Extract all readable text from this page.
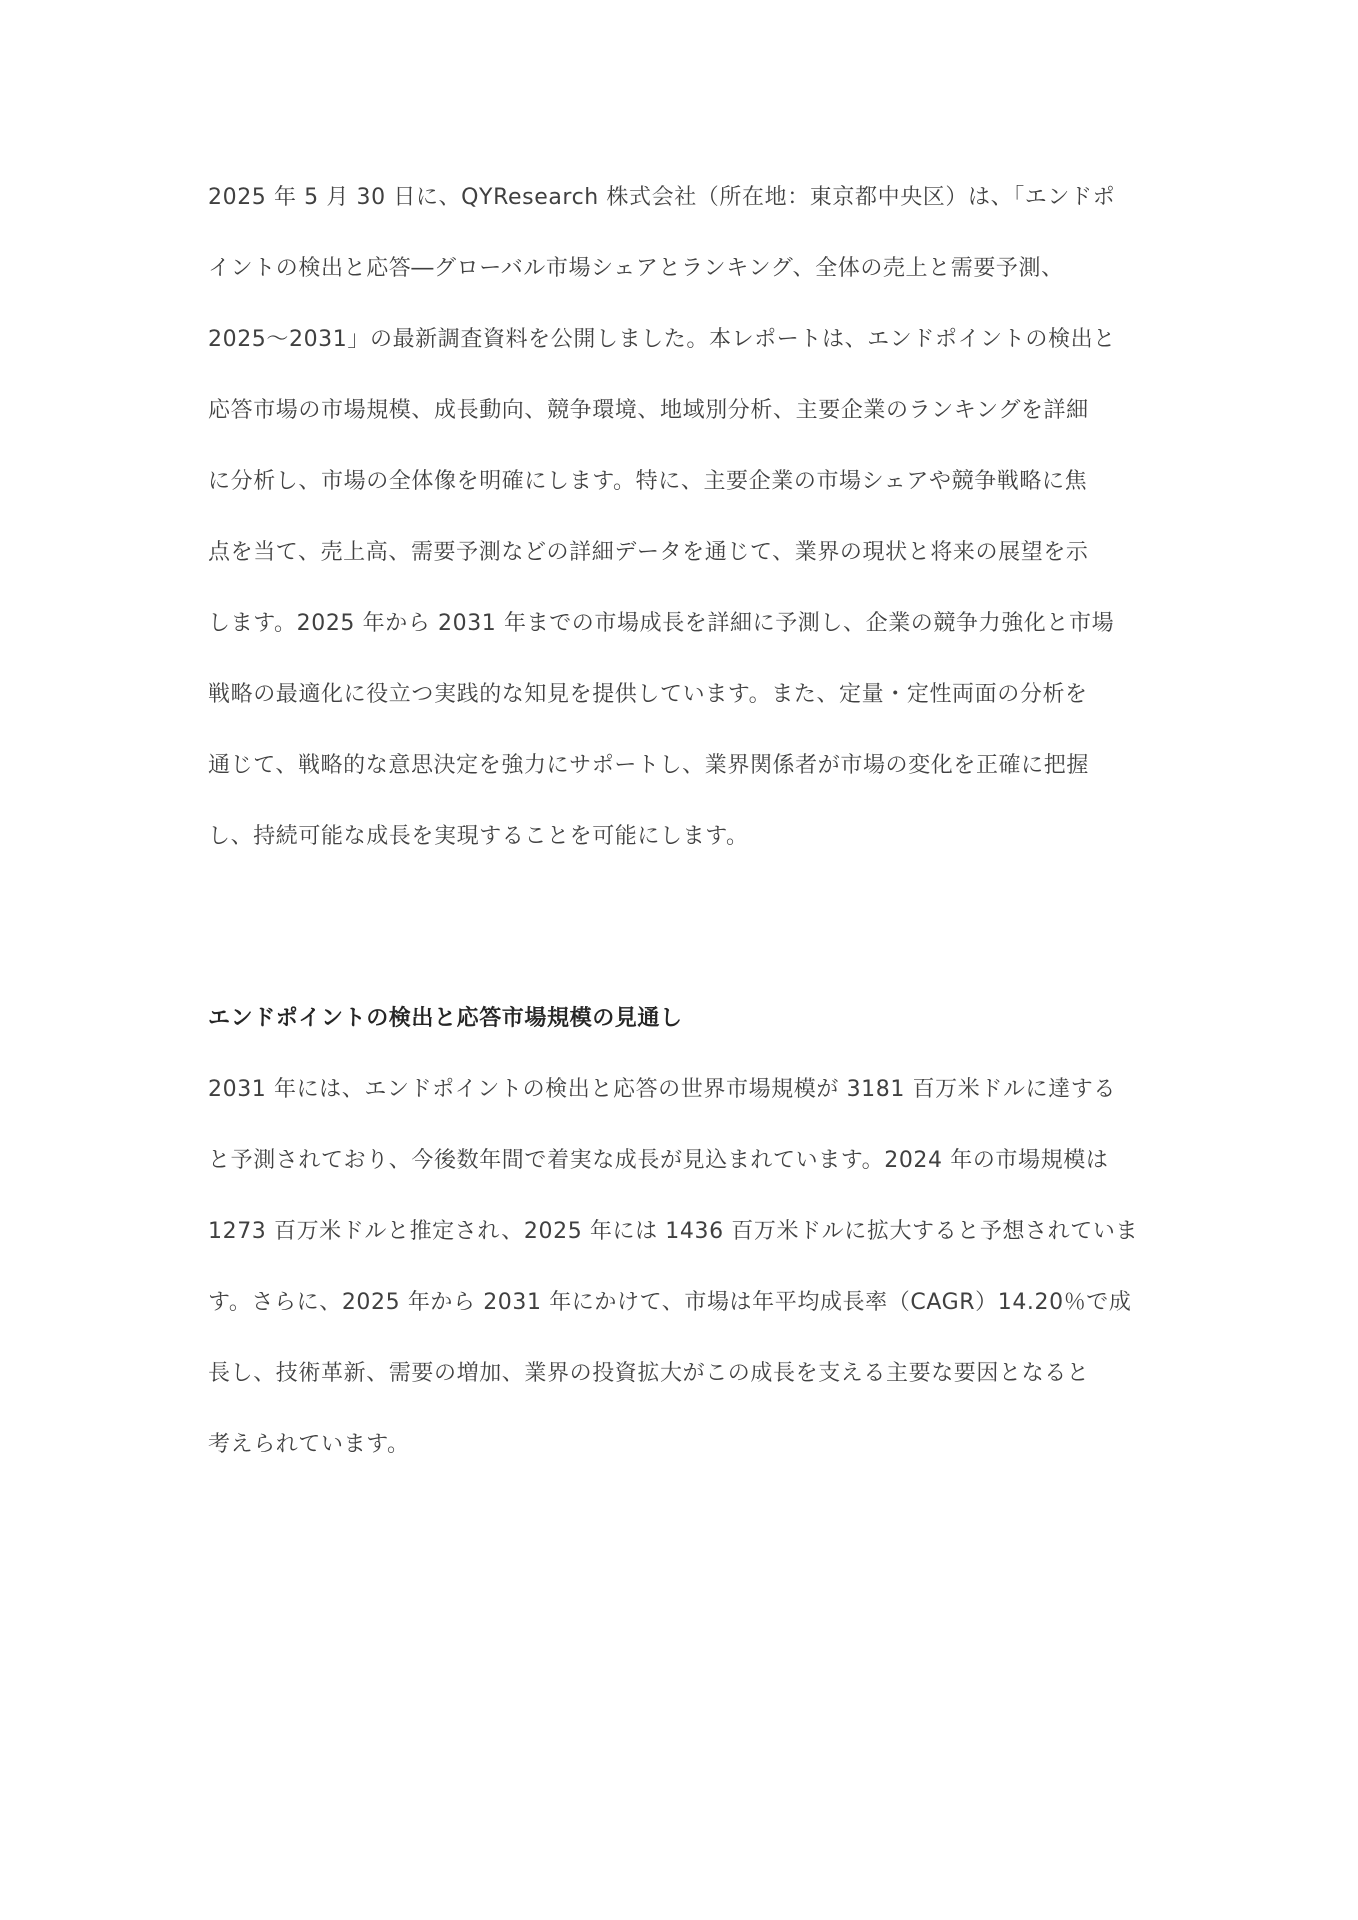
2025 年 5 月 30 日に、QYResearch 株式会社（所在地：東京都中央区）は、「エンドポ
イントの検出と応答―グローバル市場シェアとランキング、全体の売上と需要予測、
2025～2031」の最新調査資料を公開しました。本レポートは、エンドポイントの検出と
応答市場の市場規模、成長動向、競争環境、地域別分析、主要企業のランキングを詳細
に分析し、市場の全体像を明確にします。特に、主要企業の市場シェアや競争戦略に焦
点を当て、売上高、需要予測などの詳細データを通じて、業界の現状と将来の展望を示
します。2025 年から 2031 年までの市場成長を詳細に予測し、企業の競争力強化と市場
戦略の最適化に役立つ実践的な知見を提供しています。また、定量・定性両面の分析を
通じて、戦略的な意思決定を強力にサポートし、業界関係者が市場の変化を正確に把握
し、持続可能な成長を実現することを可能にします。
エンドポイントの検出と応答市場規模の見通し
2031 年には、エンドポイントの検出と応答の世界市場規模が 3181 百万米ドルに達する
と予測されており、今後数年間で着実な成長が見込まれています。2024 年の市場規模は
1273 百万米ドルと推定され、2025 年には 1436 百万米ドルに拡大すると予想されていま
す。さらに、2025 年から 2031 年にかけて、市場は年平均成長率（CAGR）14.20％で成
長し、技術革新、需要の増加、業界の投資拡大がこの成長を支える主要な要因となると
考えられています。
